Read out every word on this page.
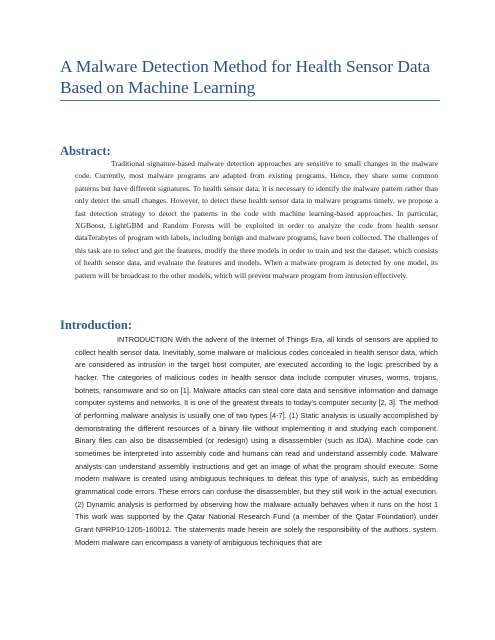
A Malware Detection Method for Health Sensor Data Based on Machine Learning
Abstract:

Traditional signature-based malware detection approaches are sensitive to small changes in the malware code. Currently, most malware programs are adapted from existing programs. Hence, they share some common patterns but have different signatures. To health sensor data, it is necessary to identify the malware pattern rather than only detect the small changes. However, to detect these health sensor data in malware programs timely, we propose a fast detection strategy to detect the patterns in the code with machine learning-based approaches. In particular, XGBoost, LightGBM and Random Forests will be exploited in order to analyze the code from health sensor dataTerabytes of program with labels, including benign and malware programs, have been collected. The challenges of this task are to select and get the features, modify the three models in order to train and test the dataset, which consists of health sensor data, and evaluate the features and models. When a malware program is detected by one model, its pattern will be broadcast to the other models, which will prevent malware program from intrusion effectively.

Introduction:

INTRODUCTION With the advent of the Internet of Things Era, all kinds of sensors are applied to collect health sensor data. Inevitably, some malware or malicious codes concealed in health sensor data, which are considered as intrusion in the target host computer, are executed according to the logic prescribed by a hacker. The categories of malicious codes in health sensor data include computer viruses, worms, trojans, botnets, ransomware and so on [1]. Malware attacks can steal core data and sensitive information and damage computer systems and networks. It is one of the greatest threats to today's computer security [2, 3]. The method of performing malware analysis is usually one of two types [4-7]. (1) Static analysis is usually accomplished by demonstrating the different resources of a binary file without implementing it and studying each component. Binary files can also be disassembled (or redesign) using a disassembler (such as IDA). Machine code can sometimes be interpreted into assembly code and humans can read and understand assembly code. Malware analysts can understand assembly instructions and get an image of what the program should execute. Some modern malware is created using ambiguous techniques to defeat this type of analysis, such as embedding grammatical code errors. These errors can confuse the disassembler, but they still work in the actual execution. (2) Dynamic analysis is performed by observing how the malware actually behaves when it runs on the host 1 This work was supported by the Qatar National Research Fund (a member of the Qatar Foundation) under Grant NPRP10-1205-160012. The statements made herein are solely the responsibility of the authors. system. Modern malware can encompass a variety of ambiguous techniques that are
